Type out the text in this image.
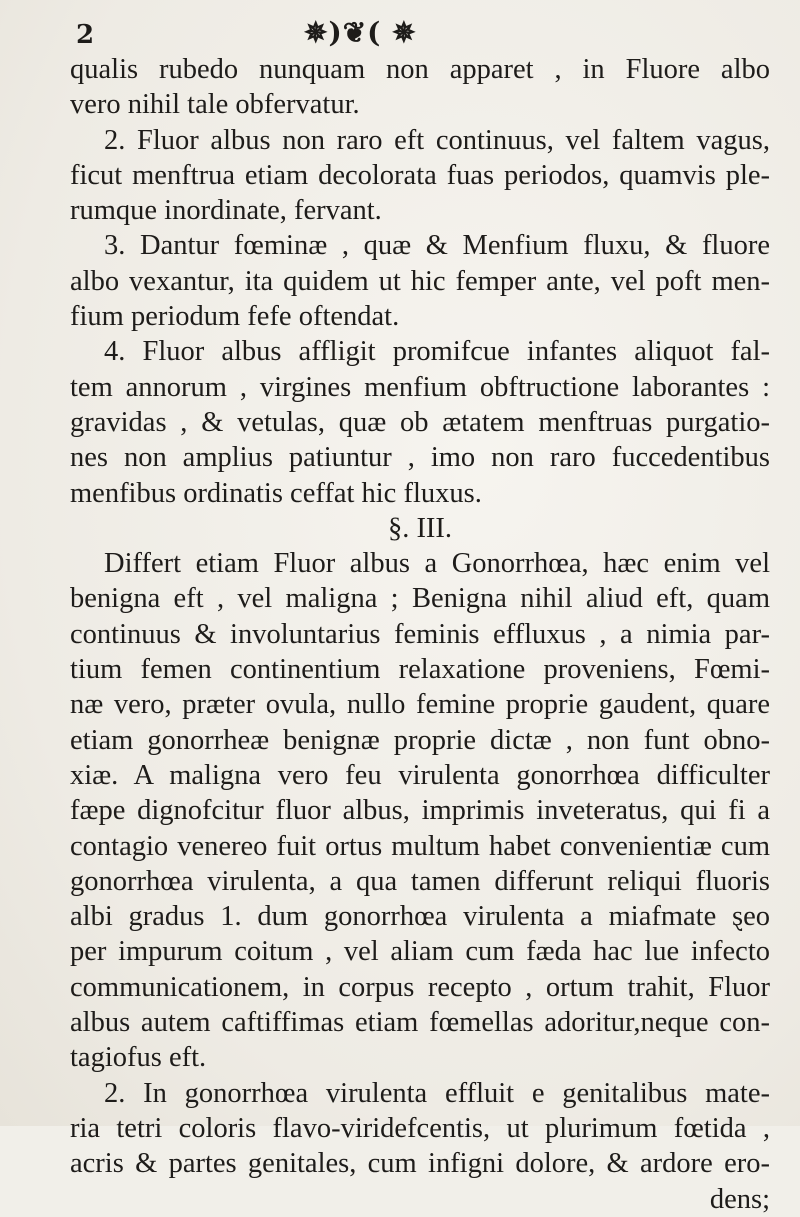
2	✵)❦( ✵
qualis rubedo nunquam non apparet , in Fluore albo
vero nihil tale obfervatur.
2. Fluor albus non raro eft continuus, vel faltem vagus,
ficut menftrua etiam decolorata fuas periodos, quamvis ple-
rumque inordinate, fervant.
3. Dantur fœminæ , quæ & Menfium fluxu, & fluore
albo vexantur, ita quidem ut hic femper ante, vel poft men-
fium periodum fefe oftendat.
4. Fluor albus affligit promifcue infantes aliquot fal-
tem annorum , virgines menfium obftructione laborantes :
gravidas , & vetulas, quæ ob ætatem menftruas purgatio-
nes non amplius patiuntur , imo non raro fuccedentibus
menfibus ordinatis ceffat hic fluxus.
§. III.
Differt etiam Fluor albus a Gonorrhœa, hæc enim vel
benigna eft , vel maligna ; Benigna nihil aliud eft, quam
continuus & involuntarius feminis effluxus , a nimia par-
tium femen continentium relaxatione proveniens, Fœmi-
næ vero, præter ovula, nullo femine proprie gaudent, quare
etiam gonorrheæ benignæ proprie dictæ , non funt obno-
xiæ. A maligna vero feu virulenta gonorrhœa difficulter
fæpe dignofcitur fluor albus, imprimis inveteratus, qui fi a
contagio venereo fuit ortus multum habet convenientiæ cum
gonorrhœa virulenta, a qua tamen differunt reliqui fluoris
albi gradus 1. dum gonorrhœa virulenta a miafmate ȿeo
per impurum coitum , vel aliam cum fæda hac lue infecto
communicationem, in corpus recepto , ortum trahit, Fluor
albus autem caftiffimas etiam fœmellas adoritur,neque con-
tagiofus eft.
2. In gonorrhœa virulenta effluit e genitalibus mate-
ria tetri coloris flavo-viridefcentis, ut plurimum fœtida ,
acris & partes genitales, cum infigni dolore, & ardore ero-
dens;
